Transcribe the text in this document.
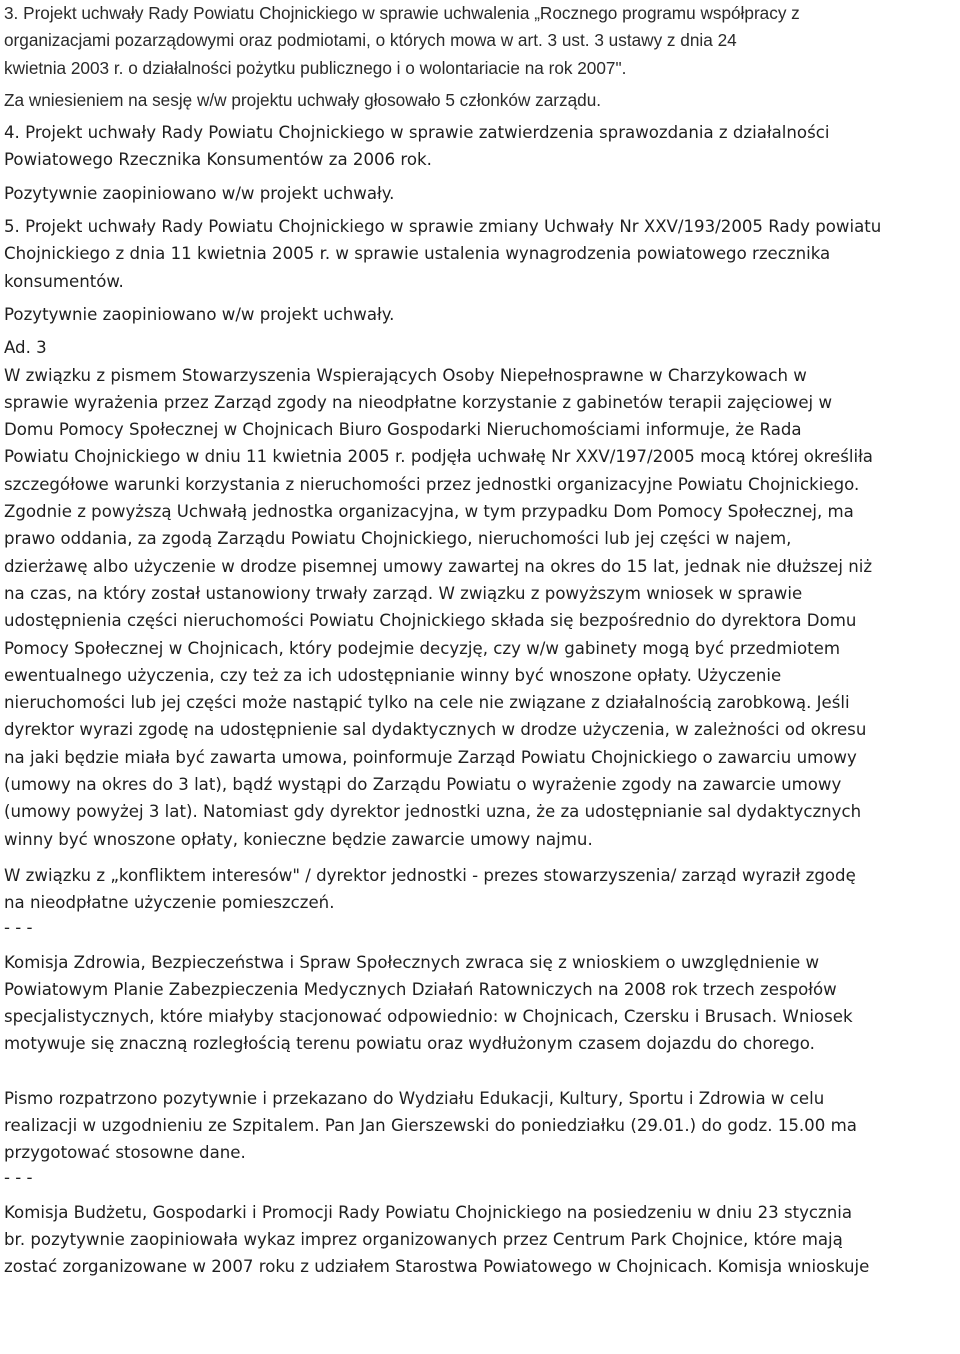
3. Projekt uchwały Rady Powiatu Chojnickiego w sprawie uchwalenia „Rocznego programu współpracy z
organizacjami pozarządowymi oraz podmiotami, o których mowa w art. 3 ust. 3 ustawy z dnia 24
kwietnia 2003 r. o działalności pożytku publicznego i o wolontariacie na rok 2007".
Za wniesieniem na sesję w/w projektu uchwały głosowało 5 członków zarządu.
4. Projekt uchwały Rady Powiatu Chojnickiego w sprawie zatwierdzenia sprawozdania z działalności
Powiatowego Rzecznika Konsumentów za 2006 rok.
Pozytywnie zaopiniowano w/w projekt uchwały.
5. Projekt uchwały Rady Powiatu Chojnickiego w sprawie zmiany Uchwały Nr XXV/193/2005 Rady powiatu
Chojnickiego z dnia 11 kwietnia 2005 r. w sprawie ustalenia wynagrodzenia powiatowego rzecznika
konsumentów.
Pozytywnie zaopiniowano w/w projekt uchwały.
Ad. 3
W związku z pismem Stowarzyszenia Wspierających Osoby Niepełnosprawne w Charzykowach w
sprawie wyrażenia przez Zarząd zgody na nieodpłatne korzystanie z gabinetów terapii zajęciowej w
Domu Pomocy Społecznej w Chojnicach Biuro Gospodarki Nieruchomościami informuje, że Rada
Powiatu Chojnickiego w dniu 11 kwietnia 2005 r. podjęła uchwałę Nr XXV/197/2005 mocą której określiła
szczegółowe warunki korzystania z nieruchomości przez jednostki organizacyjne Powiatu Chojnickiego.
Zgodnie z powyższą Uchwałą jednostka organizacyjna, w tym przypadku Dom Pomocy Społecznej, ma
prawo oddania, za zgodą Zarządu Powiatu Chojnickiego, nieruchomości lub jej części w najem,
dzierżawę albo użyczenie w drodze pisemnej umowy zawartej na okres do 15 lat, jednak nie dłuższej niż
na czas, na który został ustanowiony trwały zarząd. W związku z powyższym wniosek w sprawie
udostępnienia części nieruchomości Powiatu Chojnickiego składa się bezpośrednio do dyrektora Domu
Pomocy Społecznej w Chojnicach, który podejmie decyzję, czy w/w gabinety mogą być przedmiotem
ewentualnego użyczenia, czy też za ich udostępnianie winny być wnoszone opłaty. Użyczenie
nieruchomości lub jej części może nastąpić tylko na cele nie związane z działalnością zarobkową. Jeśli
dyrektor wyrazi zgodę na udostępnienie sal dydaktycznych w drodze użyczenia, w zależności od okresu
na jaki będzie miała być zawarta umowa, poinformuje Zarząd Powiatu Chojnickiego o zawarciu umowy
(umowy na okres do 3 lat), bądź wystąpi do Zarządu Powiatu o wyrażenie zgody na zawarcie umowy
(umowy powyżej 3 lat). Natomiast gdy dyrektor jednostki uzna, że za udostępnianie sal dydaktycznych
winny być wnoszone opłaty, konieczne będzie zawarcie umowy najmu.
W związku z „konfliktem interesów" / dyrektor jednostki - prezes stowarzyszenia/ zarząd wyraził zgodę
na nieodpłatne użyczenie pomieszczeń.
- - -
Komisja Zdrowia, Bezpieczeństwa i Spraw Społecznych zwraca się z wnioskiem o uwzględnienie w
Powiatowym Planie Zabezpieczenia Medycznych Działań Ratowniczych na 2008 rok trzech zespołów
specjalistycznych, które miałyby stacjonować odpowiednio: w Chojnicach, Czersku i Brusach. Wniosek
motywuje się znaczną rozległością terenu powiatu oraz wydłużonym czasem dojazdu do chorego.
Pismo rozpatrzono pozytywnie i przekazano do Wydziału Edukacji, Kultury, Sportu i Zdrowia w celu
realizacji w uzgodnieniu ze Szpitalem. Pan Jan Gierszewski do poniedziałku (29.01.) do godz. 15.00 ma
przygotować stosowne dane.
- - -
Komisja Budżetu, Gospodarki i Promocji Rady Powiatu Chojnickiego na posiedzeniu w dniu 23 stycznia
br. pozytywnie zaopiniowała wykaz imprez organizowanych przez Centrum Park Chojnice, które mają
zostać zorganizowane w 2007 roku z udziałem Starostwa Powiatowego w Chojnicach. Komisja wnioskuje
